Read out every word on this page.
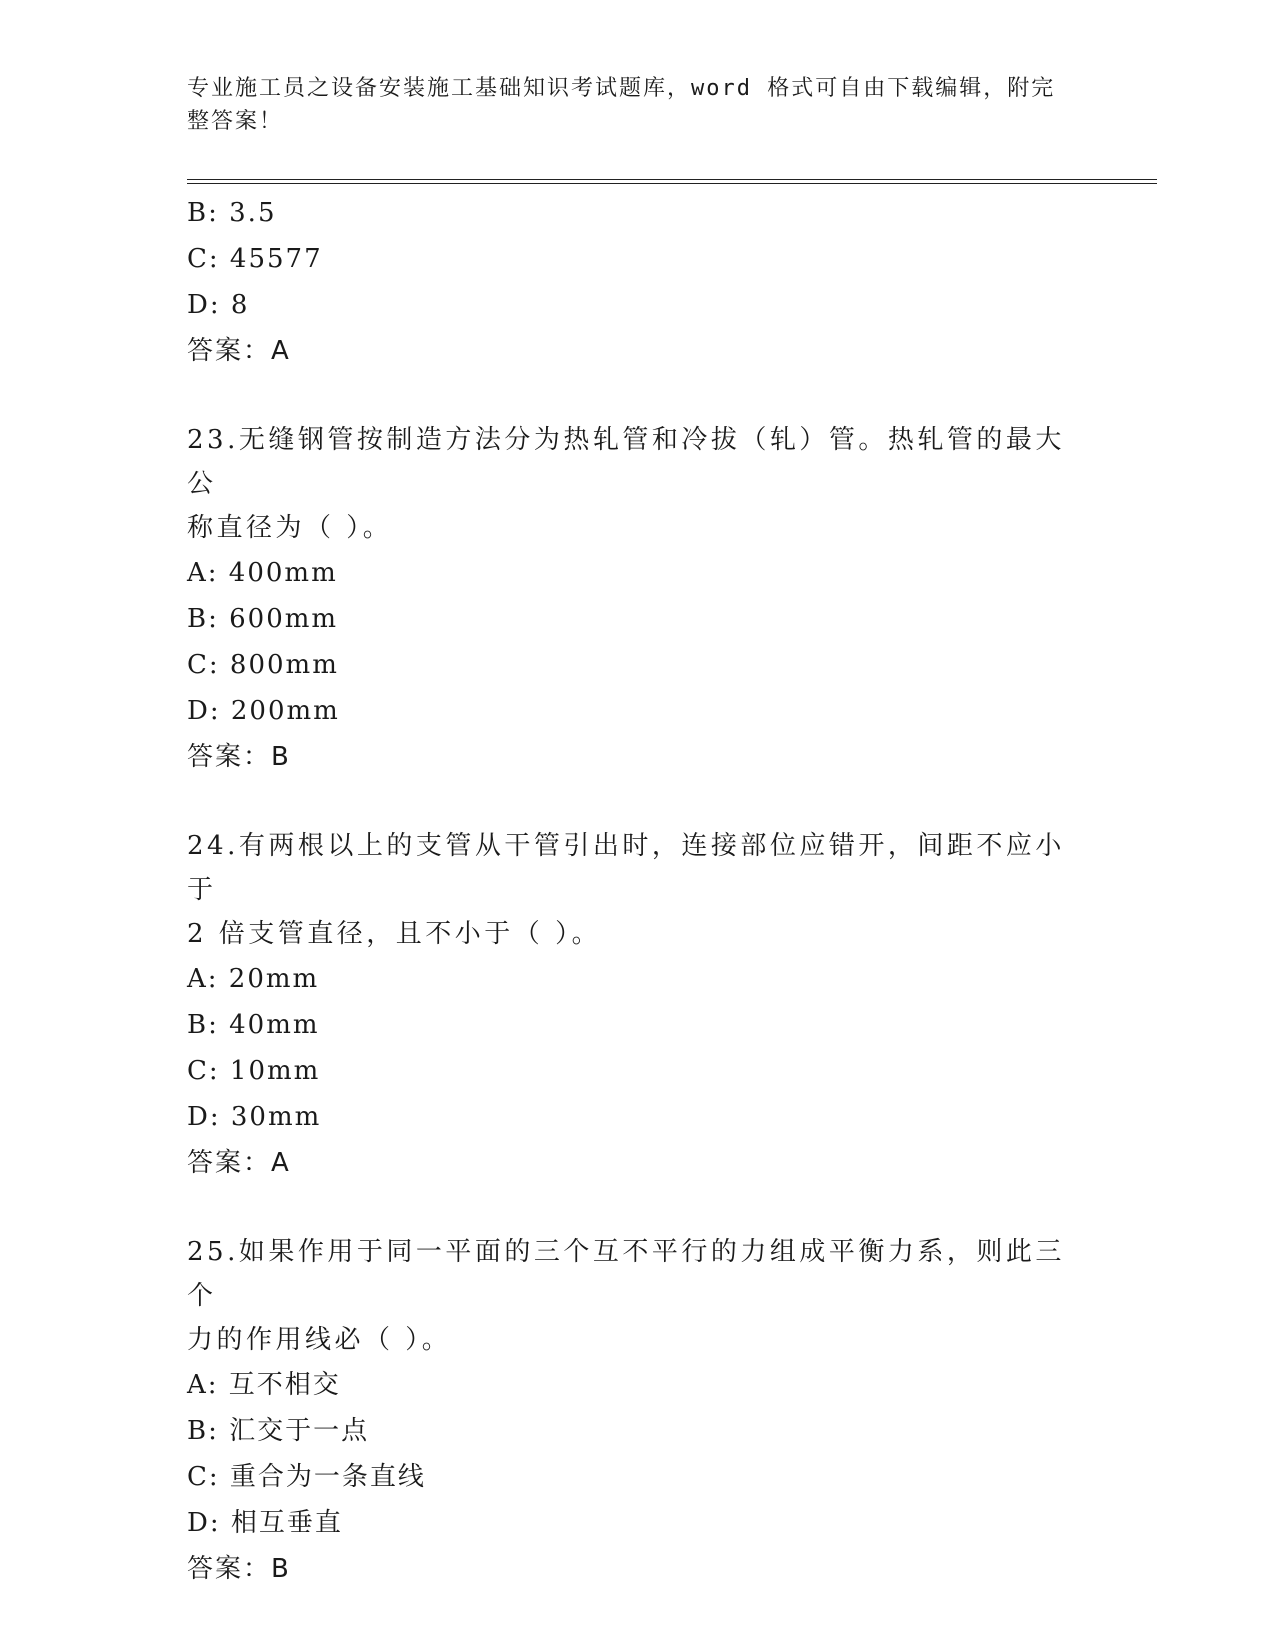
专业施工员之设备安装施工基础知识考试题库，word 格式可自由下载编辑，附完
整答案！
B: 3.5
C: 45577
D: 8
答案：A
23.无缝钢管按制造方法分为热轧管和冷拔（轧）管。热轧管的最大公
称直径为（ ）。
A: 400mm
B: 600mm
C: 800mm
D: 200mm
答案：B
24.有两根以上的支管从干管引出时，连接部位应错开，间距不应小于
2 倍支管直径，且不小于（ ）。
A: 20mm
B: 40mm
C: 10mm
D: 30mm
答案：A
25.如果作用于同一平面的三个互不平行的力组成平衡力系，则此三个
力的作用线必（ ）。
A: 互不相交
B: 汇交于一点
C: 重合为一条直线
D: 相互垂直
答案：B
